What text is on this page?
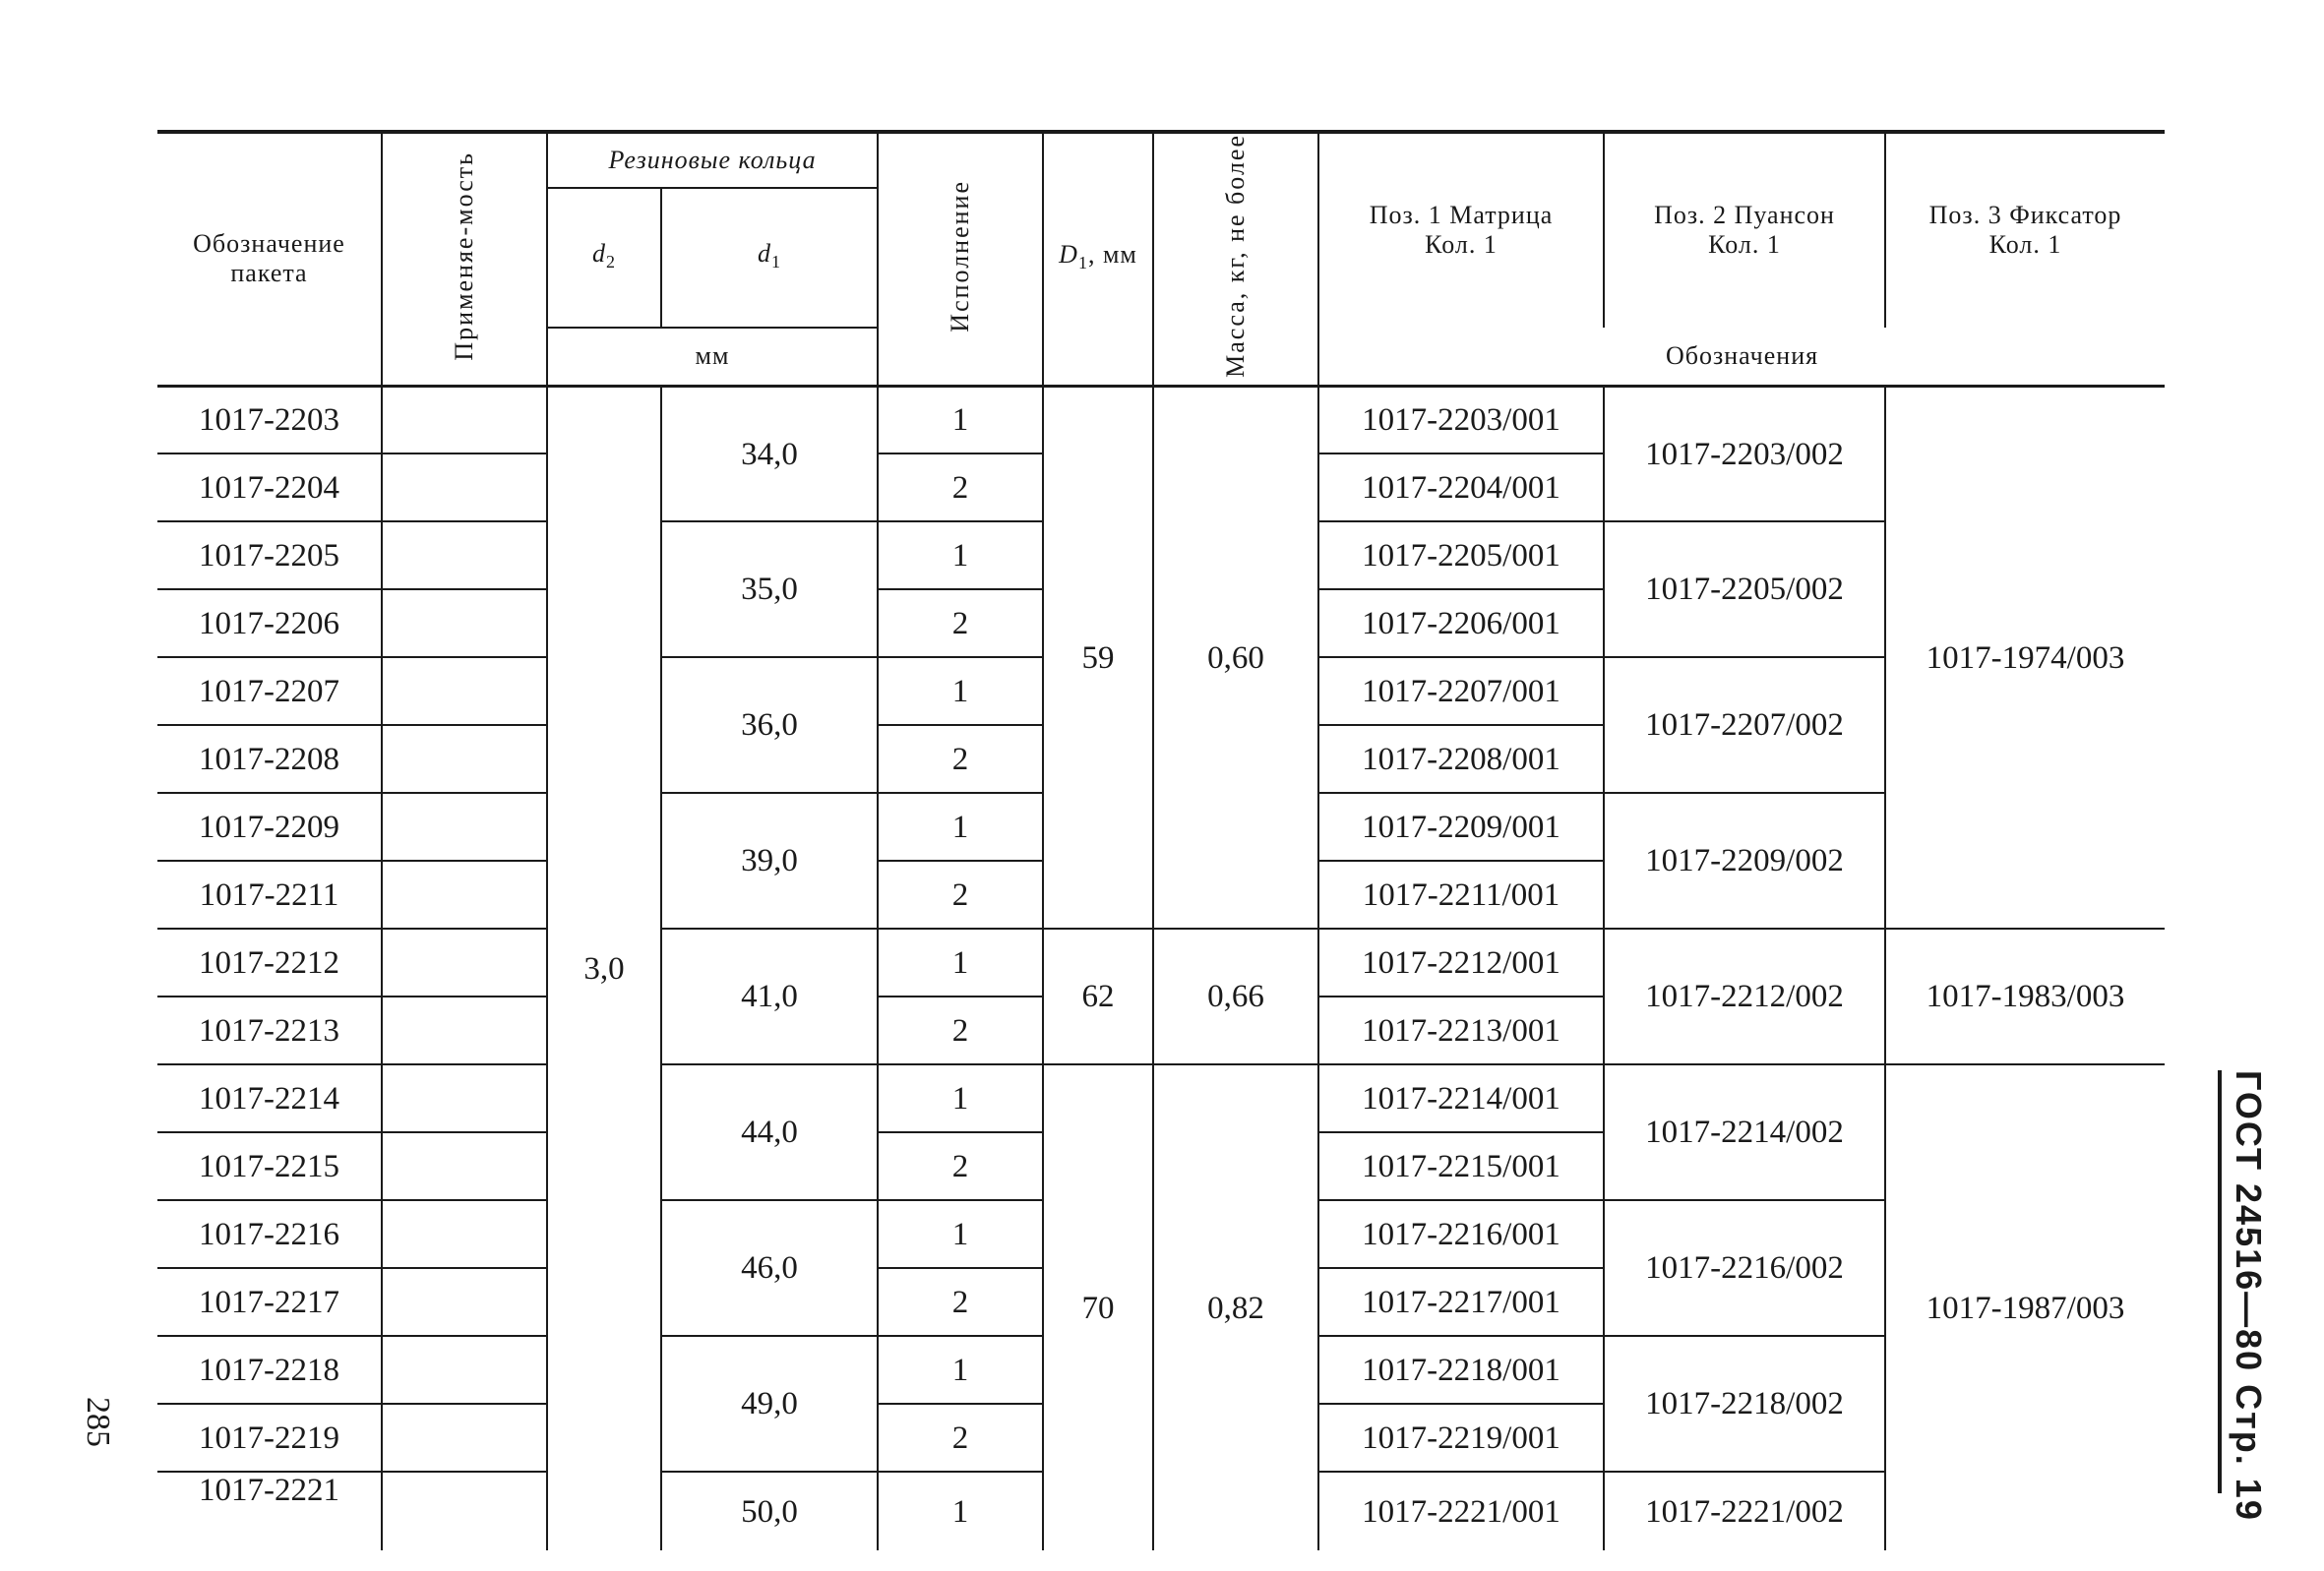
Обозначение пакета	Применяе-мость	Резиновые кольца		Исполнение	$D_1$, мм	Масса, кг, не более	Поз. 1 Матрица Кол. 1	Поз. 2 Пуансон Кол. 1	Поз. 3 Фиксатор Кол. 1
		$d_2$	$d_1$
		мм					Обозначения		
1017-2203		3,0	34,0	1	59	0,60	1017-2203/001	1017-2203/002	1017-1974/003
1017-2204				2			1017-2204/001		
1017-2205			35,0	1			1017-2205/001	1017-2205/002	
1017-2206				2			1017-2206/001		
1017-2207			36,0	1			1017-2207/001	1017-2207/002	
1017-2208				2			1017-2208/001		
1017-2209			39,0	1			1017-2209/001	1017-2209/002	
1017-2211				2			1017-2211/001		
1017-2212			41,0	1	62	0,66	1017-2212/001	1017-2212/002	1017-1983/003
1017-2213				2			1017-2213/001		
1017-2214			44,0	1	70	0,82	1017-2214/001	1017-2214/002	1017-1987/003
1017-2215				2			1017-2215/001		
1017-2216			46,0	1			1017-2216/001	1017-2216/002	
1017-2217				2			1017-2217/001		
1017-2218			49,0	1			1017-2218/001	1017-2218/002	
1017-2219				2			1017-2219/001		
1017-2221			50,0	1			1017-2221/001	1017-2221/002		ГОСТ 24516—80 Стр. 19
285
